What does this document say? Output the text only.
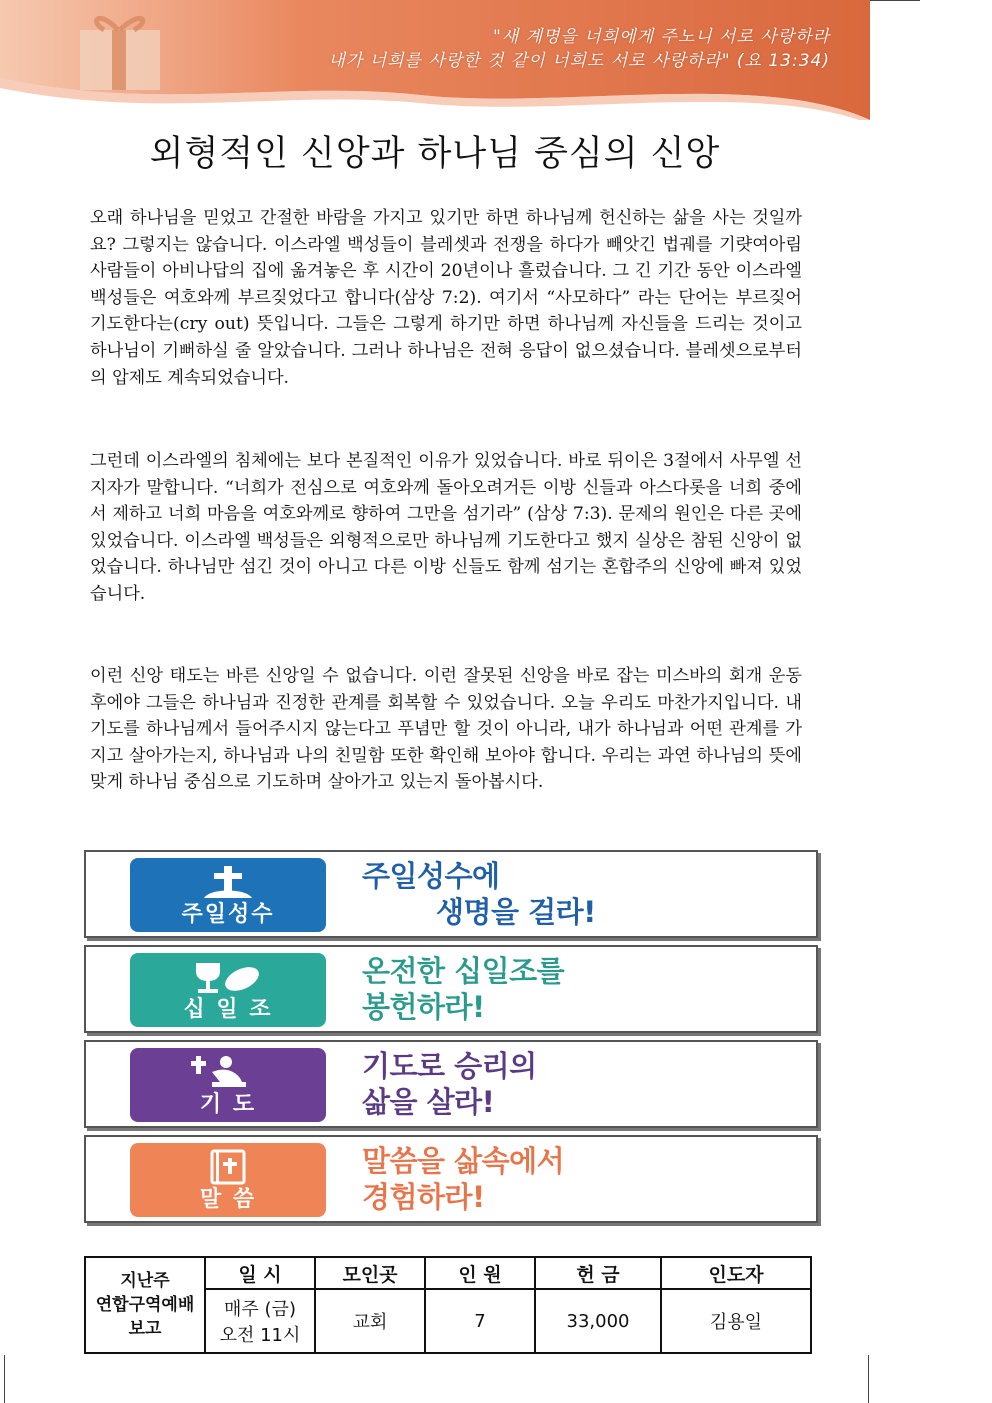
"새 계명을 너희에게 주노니 서로 사랑하라
내가 너희를 사랑한 것 같이 너희도 서로 사랑하라" (요 13:34)
외형적인 신앙과 하나님 중심의 신앙

오래 하나님을 믿었고 간절한 바람을 가지고 있기만 하면 하나님께 헌신하는 삶을 사는 것일까요? 그렇지는 않습니다. 이스라엘 백성들이 블레셋과 전쟁을 하다가 빼앗긴 법궤를 기럇여아림 사람들이 아비나답의 집에 옮겨놓은 후 시간이 20년이나 흘렀습니다. 그 긴 기간 동안 이스라엘 백성들은 여호와께 부르짖었다고 합니다(삼상 7:2). 여기서 “사모하다” 라는 단어는 부르짖어 기도한다는(cry out) 뜻입니다. 그들은 그렇게 하기만 하면 하나님께 자신들을 드리는 것이고 하나님이 기뻐하실 줄 알았습니다. 그러나 하나님은 전혀 응답이 없으셨습니다. 블레셋으로부터의 압제도 계속되었습니다.

그런데 이스라엘의 침체에는 보다 본질적인 이유가 있었습니다. 바로 뒤이은 3절에서 사무엘 선지자가 말합니다. “너희가 전심으로 여호와께 돌아오려거든 이방 신들과 아스다롯을 너희 중에서 제하고 너희 마음을 여호와께로 향하여 그만을 섬기라” (삼상 7:3). 문제의 원인은 다른 곳에 있었습니다. 이스라엘 백성들은 외형적으로만 하나님께 기도한다고 했지 실상은 참된 신앙이 없었습니다. 하나님만 섬긴 것이 아니고 다른 이방 신들도 함께 섬기는 혼합주의 신앙에 빠져 있었습니다.

이런 신앙 태도는 바른 신앙일 수 없습니다. 이런 잘못된 신앙을 바로 잡는 미스바의 회개 운동 후에야 그들은 하나님과 진정한 관계를 회복할 수 있었습니다. 오늘 우리도 마찬가지입니다. 내 기도를 하나님께서 들어주시지 않는다고 푸념만 할 것이 아니라, 내가 하나님과 어떤 관계를 가지고 살아가는지, 하나님과 나의 친밀함 또한 확인해 보아야 합니다. 우리는 과연 하나님의 뜻에 맞게 하나님 중심으로 기도하며 살아가고 있는지 돌아봅시다.

주일성수
주일성수에
생명을 걸라!
십 일 조
온전한 십일조를
봉헌하라!
기 도
기도로 승리의
삶을 살라!
말 씀
말씀을 삶속에서
경험하라!
지난주
연합구역예배
보고	일 시	모인곳	인 원	헌 금	인도자

	매주 (금)
오전 11시	교회	7	33,000	김용일
